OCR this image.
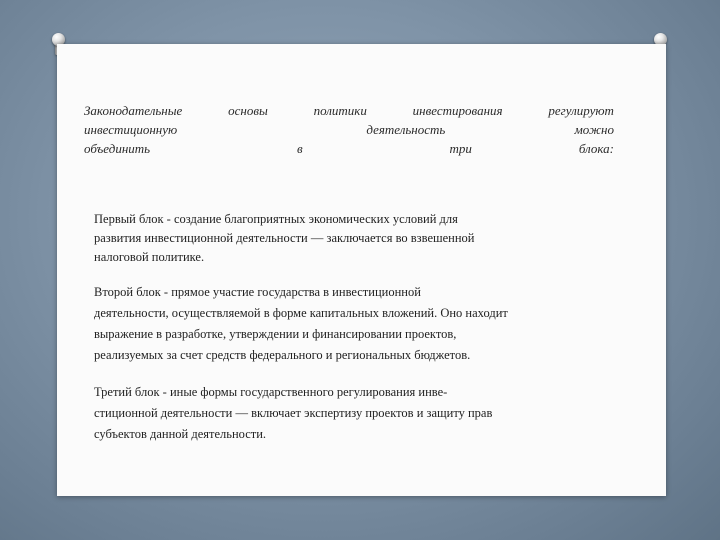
Законодательные	основы	политики	инвестирования	регулируют
инвестиционную	деятельность	можно
объединить	в	три	блока:

Первый блок - создание благоприятных экономических условий для
развития инвестиционной деятельности — заключается во взвешенной
налоговой политике.

Второй блок - прямое участие государства в инвестиционной
деятельности, осуществляемой в форме капитальных вложений. Оно находит
выражение в разработке, утверждении и финансировании проектов,
реализуемых за счет средств федерального и региональных бюджетов.

Третий блок - иные формы государственного регулирования инве-
стиционной деятельности — включает экспертизу проектов и защиту прав
субъектов данной деятельности.
